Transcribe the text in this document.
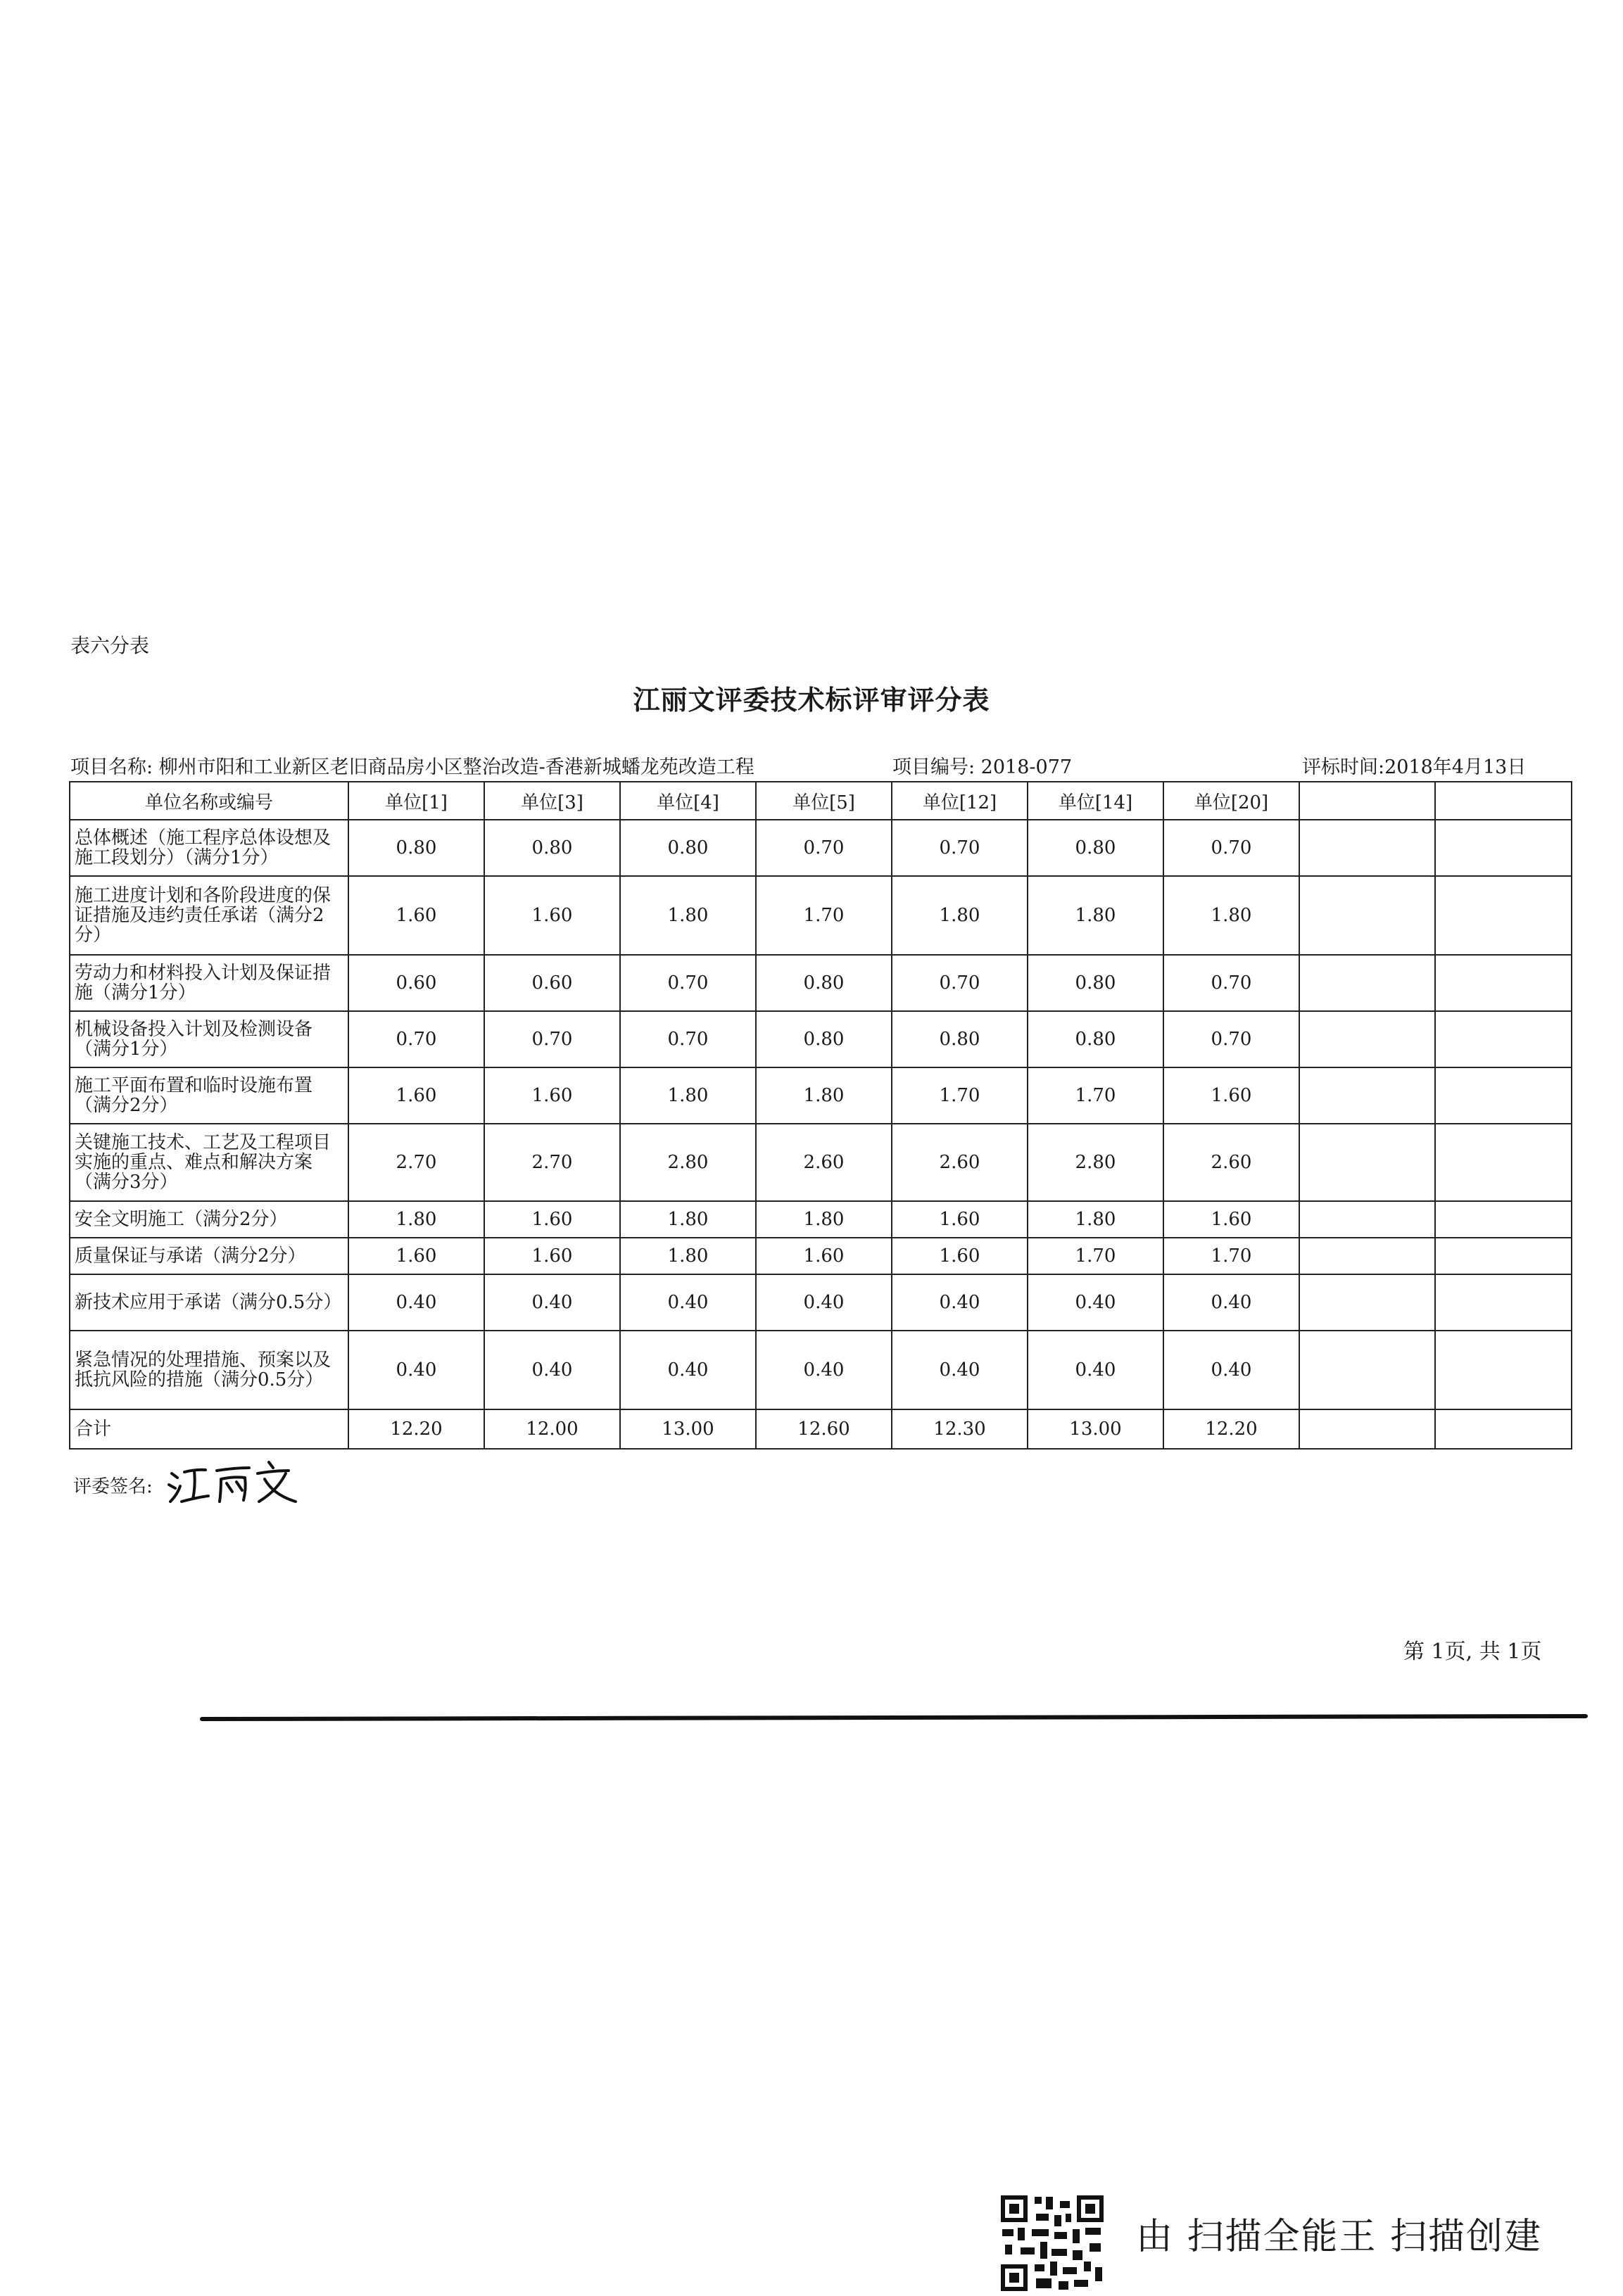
表六分表
江丽文评委技术标评审评分表
项目名称: 柳州市阳和工业新区老旧商品房小区整治改造-香港新城蟠龙苑改造工程	项目编号: 2018-077	评标时间:2018年4月13日
单位名称或编号	单位[1]	单位[3]	单位[4]	单位[5]	单位[12]	单位[14]	单位[20]		
总体概述（施工程序总体设想及施工段划分）（满分1分）	0.80	0.80	0.80	0.70	0.70	0.80	0.70		
施工进度计划和各阶段进度的保证措施及违约责任承诺（满分2分）	1.60	1.60	1.80	1.70	1.80	1.80	1.80		
劳动力和材料投入计划及保证措施（满分1分）	0.60	0.60	0.70	0.80	0.70	0.80	0.70		
机械设备投入计划及检测设备（满分1分）	0.70	0.70	0.70	0.80	0.80	0.80	0.70		
施工平面布置和临时设施布置（满分2分）	1.60	1.60	1.80	1.80	1.70	1.70	1.60		
关键施工技术、工艺及工程项目实施的重点、难点和解决方案（满分3分）	2.70	2.70	2.80	2.60	2.60	2.80	2.60		
安全文明施工（满分2分）	1.80	1.60	1.80	1.80	1.60	1.80	1.60		
质量保证与承诺（满分2分）	1.60	1.60	1.80	1.60	1.60	1.70	1.70		
新技术应用于承诺（满分0.5分）	0.40	0.40	0.40	0.40	0.40	0.40	0.40		
紧急情况的处理措施、预案以及抵抗风险的措施（满分0.5分）	0.40	0.40	0.40	0.40	0.40	0.40	0.40		
合计	12.20	12.00	13.00	12.60	12.30	13.00	12.20		
评委签名:
第 1页, 共 1页
由 扫描全能王 扫描创建
